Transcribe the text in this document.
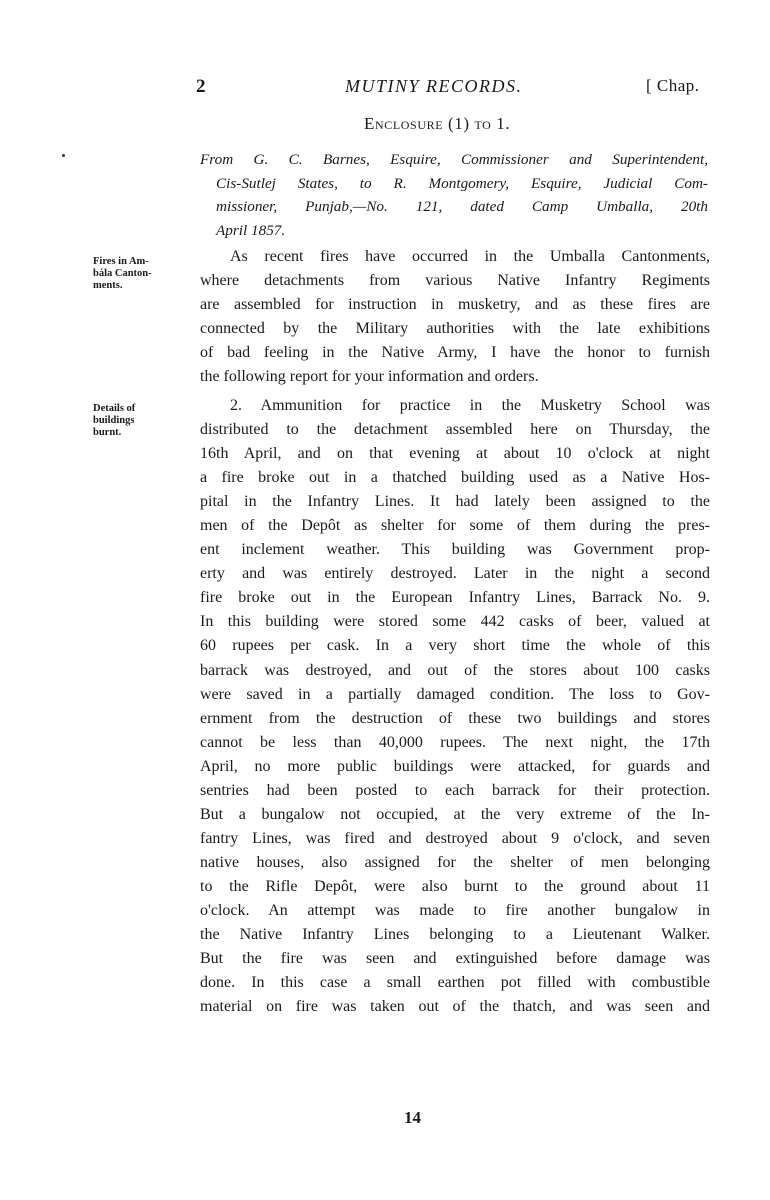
2	MUTINY RECORDS.	[ Chap.
Enclosure (1) to 1.
From G. C. Barnes, Esquire, Commissioner and Superintendent,
Cis-Sutlej States, to R. Montgomery, Esquire, Judicial Com-
missioner, Punjab,—No. 121, dated Camp Umballa, 20th
April 1857.
Fires in Am-
bála Canton-
ments.
Details of
buildings
burnt.
As recent fires have occurred in the Umballa Cantonments,
where detachments from various Native Infantry Regiments
are assembled for instruction in musketry, and as these fires are
connected by the Military authorities with the late exhibitions
of bad feeling in the Native Army, I have the honor to furnish
the following report for your information and orders.
2. Ammunition for practice in the Musketry School was
distributed to the detachment assembled here on Thursday, the
16th April, and on that evening at about 10 o'clock at night
a fire broke out in a thatched building used as a Native Hos-
pital in the Infantry Lines. It had lately been assigned to the
men of the Depôt as shelter for some of them during the pres-
ent inclement weather. This building was Government prop-
erty and was entirely destroyed. Later in the night a second
fire broke out in the European Infantry Lines, Barrack No. 9.
In this building were stored some 442 casks of beer, valued at
60 rupees per cask. In a very short time the whole of this
barrack was destroyed, and out of the stores about 100 casks
were saved in a partially damaged condition. The loss to Gov-
ernment from the destruction of these two buildings and stores
cannot be less than 40,000 rupees. The next night, the 17th
April, no more public buildings were attacked, for guards and
sentries had been posted to each barrack for their protection.
But a bungalow not occupied, at the very extreme of the In-
fantry Lines, was fired and destroyed about 9 o'clock, and seven
native houses, also assigned for the shelter of men belonging
to the Rifle Depôt, were also burnt to the ground about 11
o'clock. An attempt was made to fire another bungalow in
the Native Infantry Lines belonging to a Lieutenant Walker.
But the fire was seen and extinguished before damage was
done. In this case a small earthen pot filled with combustible
material on fire was taken out of the thatch, and was seen and
14
